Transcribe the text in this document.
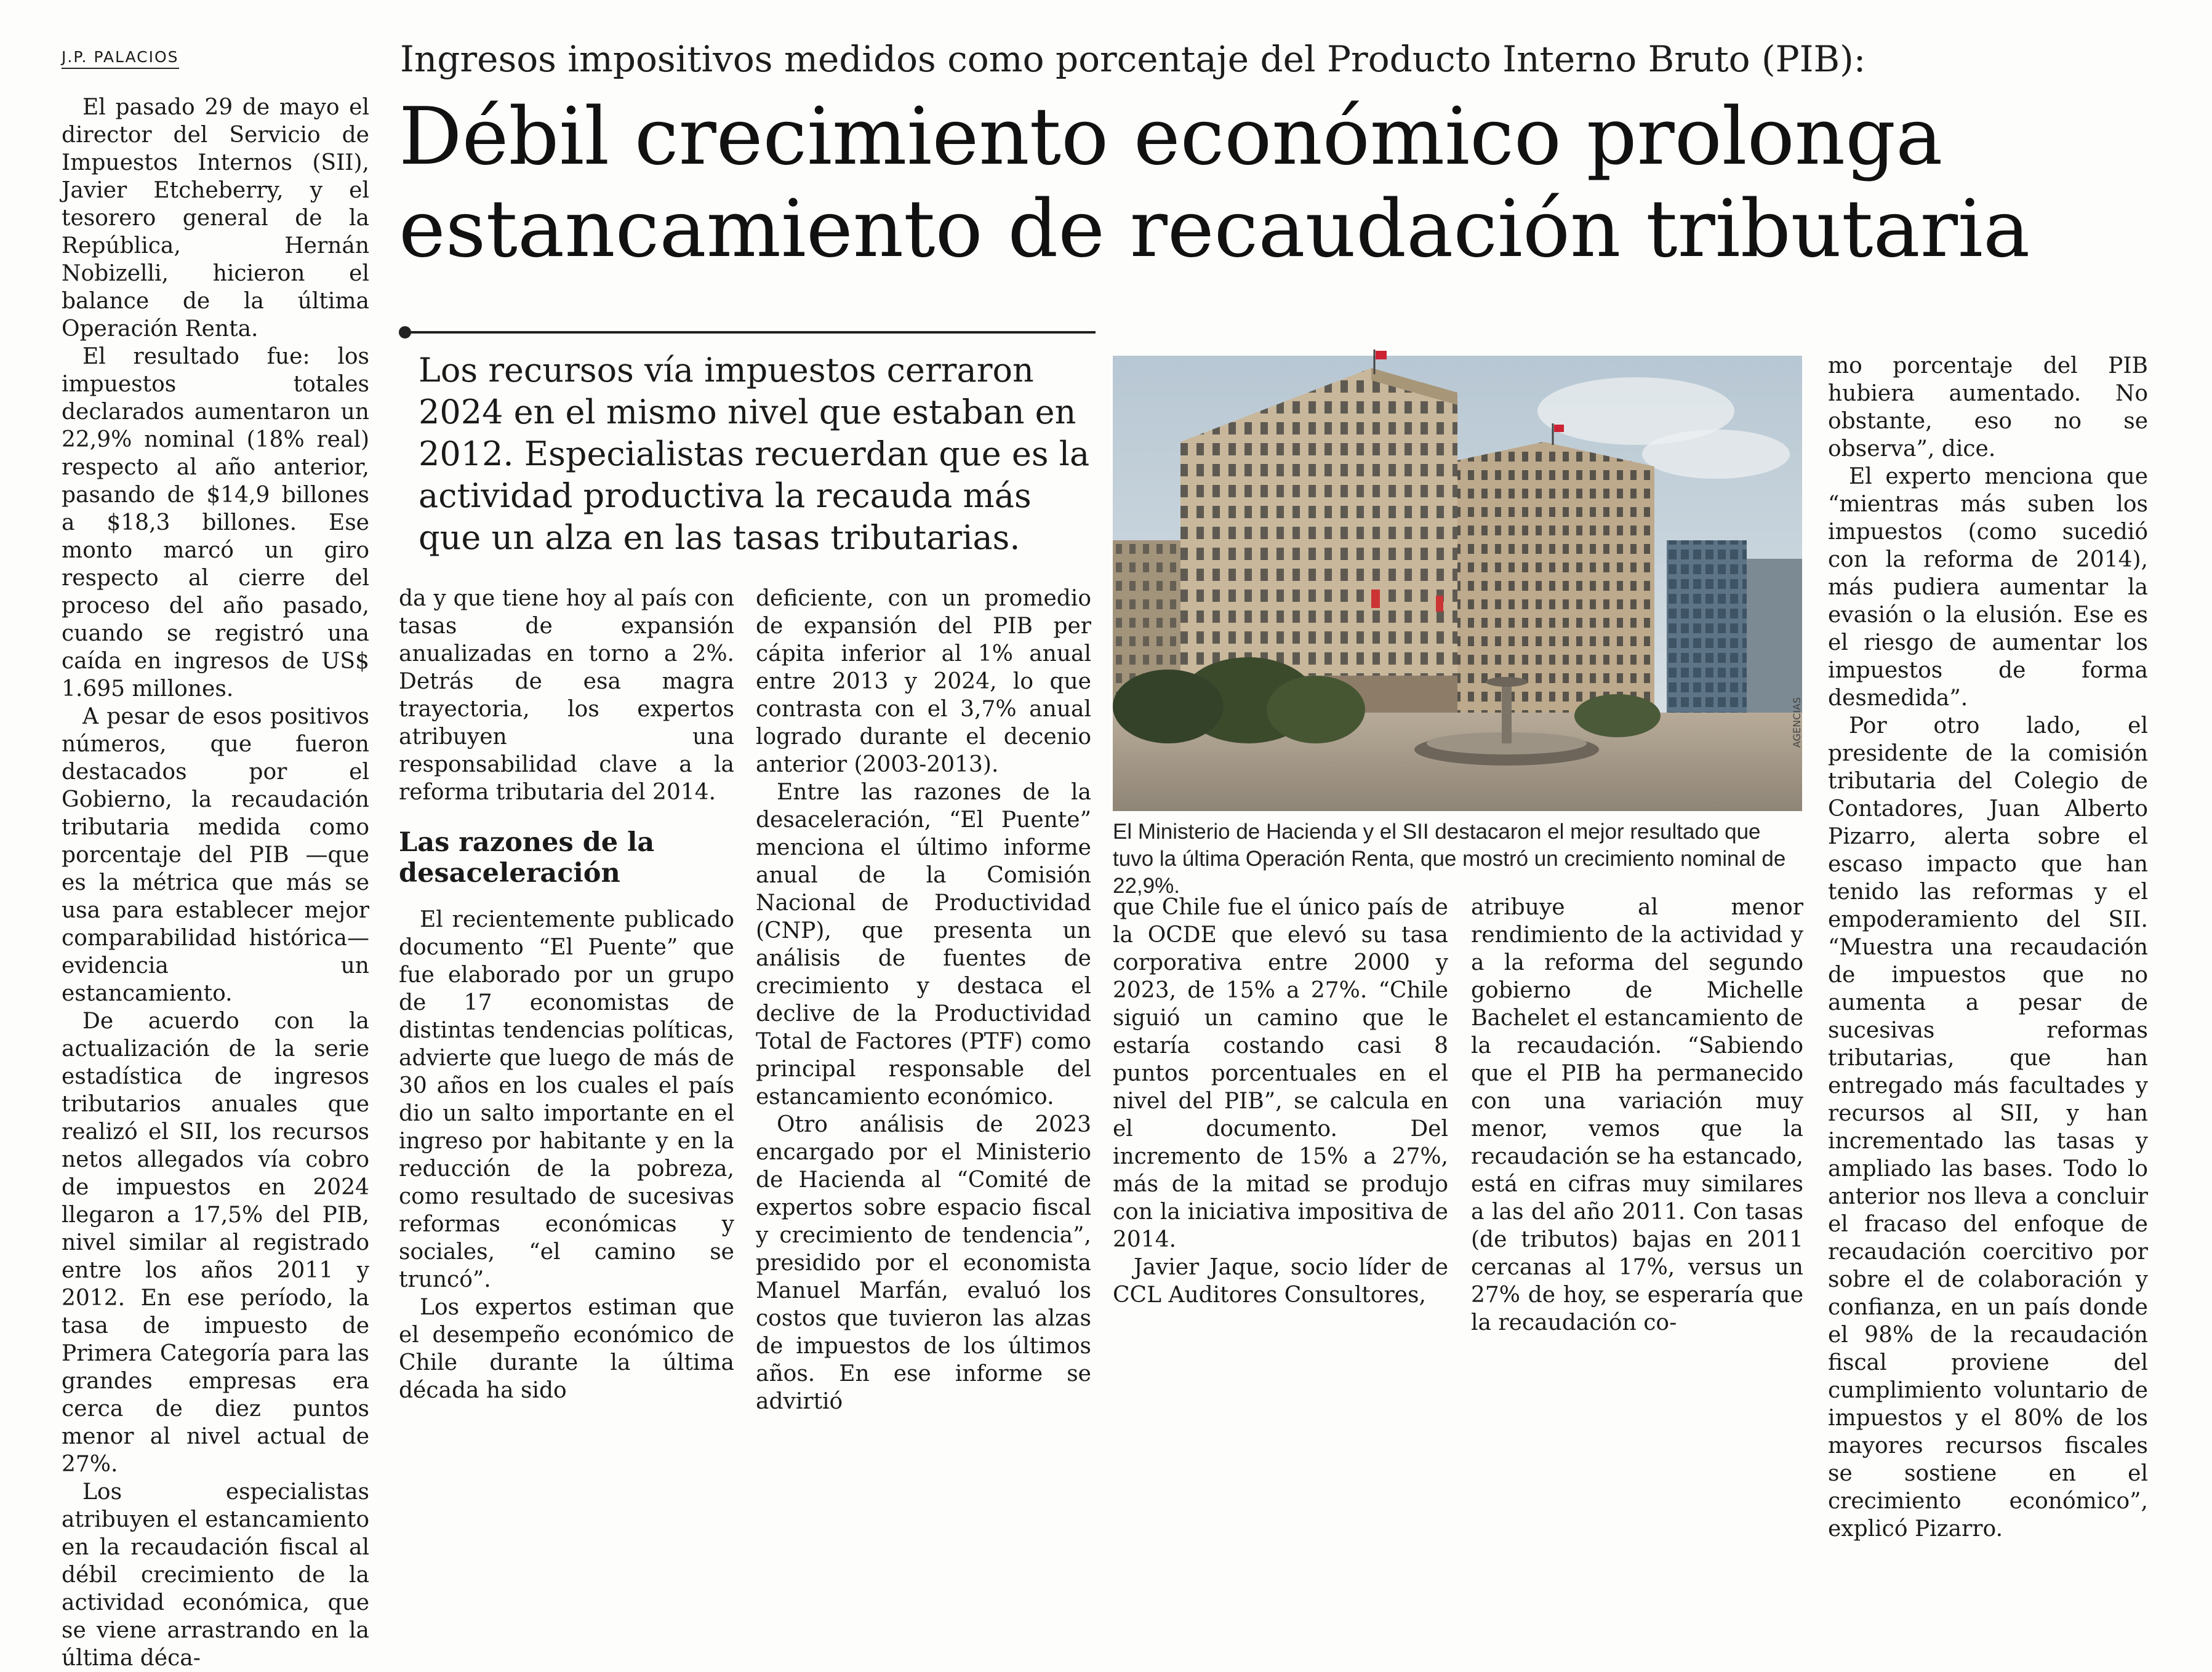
J.P. PALACIOS	Ingresos impositivos medidos como porcentaje del Producto Interno Bruto (PIB):
Débil crecimiento económico prolonga
estancamiento de recaudación tributaria
Los recursos vía impuestos cerraron 2024 en el mismo nivel que estaban en 2012. Especialistas recuerdan que es la actividad productiva la recauda más que un alza en las tasas tributarias.

El pasado 29 de mayo el director del Servicio de Impuestos Internos (SII), Javier Etcheberry, y el tesorero general de la República, Hernán Nobizelli, hicieron el balance de la última Operación Renta.

El resultado fue: los impuestos totales declarados aumentaron un 22,9% nominal (18% real) respecto al año anterior, pasando de $14,9 billones a $18,3 billones. Ese monto marcó un giro respecto al cierre del proceso del año pasado, cuando se registró una caída en ingresos de US$ 1.695 millones.

A pesar de esos positivos números, que fueron destacados por el Gobierno, la recaudación tributaria medida como porcentaje del PIB —que es la métrica que más se usa para establecer mejor comparabilidad histórica— evidencia un estancamiento.

De acuerdo con la actualización de la serie estadística de ingresos tributarios anuales que realizó el SII, los recursos netos allegados vía cobro de impuestos en 2024 llegaron a 17,5% del PIB, nivel similar al registrado entre los años 2011 y 2012. En ese período, la tasa de impuesto de Primera Categoría para las grandes empresas era cerca de diez puntos menor al nivel actual de 27%.

Los especialistas atribuyen el estancamiento en la recaudación fiscal al débil crecimiento de la actividad económica, que se viene arrastrando en la última déca-

da y que tiene hoy al país con tasas de expansión anualizadas en torno a 2%. Detrás de esa magra trayectoria, los expertos atribuyen una responsabilidad clave a la reforma tributaria del 2014.

Las razones de la desaceleración

El recientemente publicado documento “El Puente” que fue elaborado por un grupo de 17 economistas de distintas tendencias políticas, advierte que luego de más de 30 años en los cuales el país dio un salto importante en el ingreso por habitante y en la reducción de la pobreza, como resultado de sucesivas reformas económicas y sociales, “el camino se truncó”.

Los expertos estiman que el desempeño económico de Chile durante la última década ha sido

deficiente, con un promedio de expansión del PIB per cápita inferior al 1% anual entre 2013 y 2024, lo que contrasta con el 3,7% anual logrado durante el decenio anterior (2003-2013).

Entre las razones de la desaceleración, “El Puente” menciona el último informe anual de la Comisión Nacional de Productividad (CNP), que presenta un análisis de fuentes de crecimiento y destaca el declive de la Productividad Total de Factores (PTF) como principal responsable del estancamiento económico.

Otro análisis de 2023 encargado por el Ministerio de Hacienda al “Comité de expertos sobre espacio fiscal y crecimiento de tendencia”, presidido por el economista Manuel Marfán, evaluó los costos que tuvieron las alzas de impuestos de los últimos años. En ese informe se advirtió

AGENCIAS
El Ministerio de Hacienda y el SII destacaron el mejor resultado que tuvo la última Operación Renta, que mostró un crecimiento nominal de 22,9%.

que Chile fue el único país de la OCDE que elevó su tasa corporativa entre 2000 y 2023, de 15% a 27%. “Chile siguió un camino que le estaría costando casi 8 puntos porcentuales en el nivel del PIB”, se calcula en el documento. Del incremento de 15% a 27%, más de la mitad se produjo con la iniciativa impositiva de 2014.

Javier Jaque, socio líder de CCL Auditores Consultores,

atribuye al menor rendimiento de la actividad y a la reforma del segundo gobierno de Michelle Bachelet el estancamiento de la recaudación. “Sabiendo que el PIB ha permanecido con una variación muy menor, vemos que la recaudación se ha estancado, está en cifras muy similares a las del año 2011. Con tasas (de tributos) bajas en 2011 cercanas al 17%, versus un 27% de hoy, se esperaría que la recaudación co-

mo porcentaje del PIB hubiera aumentado. No obstante, eso no se observa”, dice.

El experto menciona que “mientras más suben los impuestos (como sucedió con la reforma de 2014), más pudiera aumentar la evasión o la elusión. Ese es el riesgo de aumentar los impuestos de forma desmedida”.

Por otro lado, el presidente de la comisión tributaria del Colegio de Contadores, Juan Alberto Pizarro, alerta sobre el escaso impacto que han tenido las reformas y el empoderamiento del SII. “Muestra una recaudación de impuestos que no aumenta a pesar de sucesivas reformas tributarias, que han entregado más facultades y recursos al SII, y han incrementado las tasas y ampliado las bases. Todo lo anterior nos lleva a concluir el fracaso del enfoque de recaudación coercitivo por sobre el de colaboración y confianza, en un país donde el 98% de la recaudación fiscal proviene del cumplimiento voluntario de impuestos y el 80% de los mayores recursos fiscales se sostiene en el crecimiento económico”, explicó Pizarro.
